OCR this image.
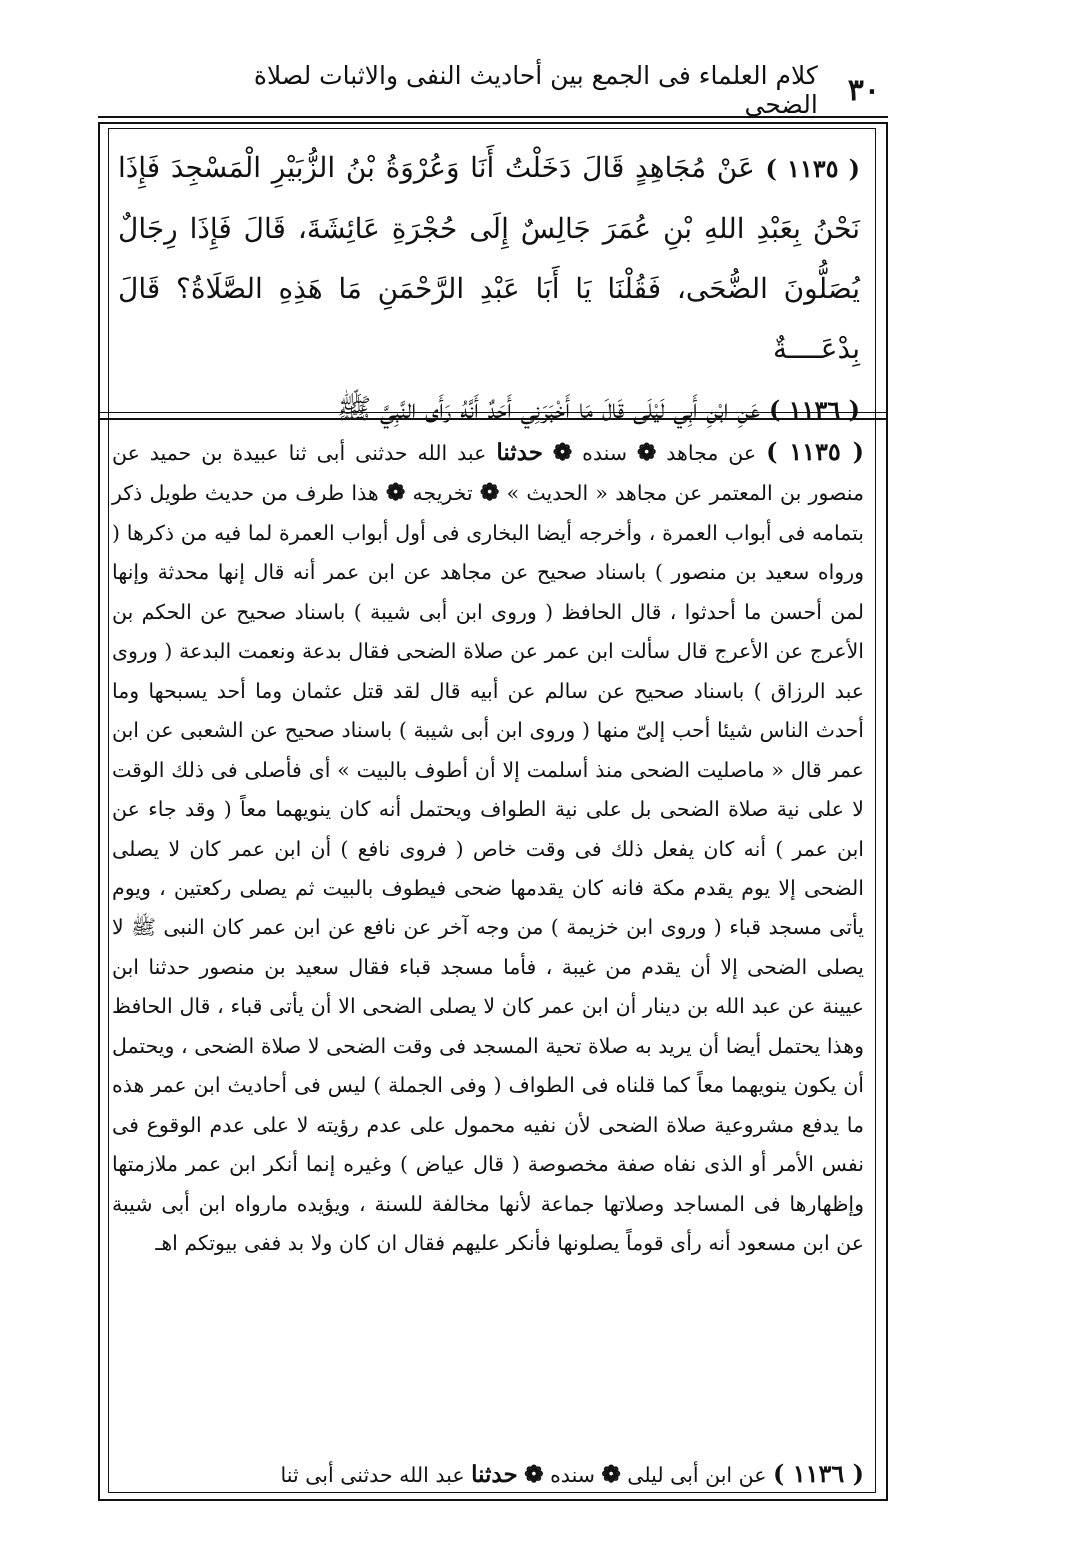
٣٠
كلام العلماء فى الجمع بين أحاديث النفى والاثبات لصلاة الضحى

( ١١٣٥ ) عَنْ مُجَاهِدٍ قَالَ دَخَلْتُ أَنَا وَعُرْوَةُ بْنُ الزُّبَيْرِ الْمَسْجِدَ فَإِذَا نَحْنُ بِعَبْدِ اللهِ بْنِ عُمَرَ جَالِسٌ إِلَى حُجْرَةِ عَائِشَةَ، قَالَ فَإِذَا رِجَالٌ يُصَلُّونَ الضُّحَى، فَقُلْنَا يَا أَبَا عَبْدِ الرَّحْمَنِ مَا هَذِهِ الصَّلَاةُ؟ قَالَ بِدْعَــــةٌ

( ١١٣٦ ) عَنِ ابْنِ أَبِي لَيْلَى قَالَ مَا أَخْبَرَنِي أَحَدٌ أَنَّهُ رَأَى النَّبِيَّ ﷺ

( ١١٣٥ ) عن مجاهد ❁ سنده ❁ حدثنا عبد الله حدثنى أبى ثنا عبيدة بن حميد عن منصور بن المعتمر عن مجاهد « الحديث » ❁ تخريجه ❁ هذا طرف من حديث طويل ذكر بتمامه فى أبواب العمرة ، وأخرجه أيضا البخارى فى أول أبواب العمرة لما فيه من ذكرها ( ورواه سعيد بن منصور ) باسناد صحيح عن مجاهد عن ابن عمر أنه قال إنها محدثة وإنها لمن أحسن ما أحدثوا ، قال الحافظ ( وروى ابن أبى شيبة ) باسناد صحيح عن الحكم بن الأعرج عن الأعرج قال سألت ابن عمر عن صلاة الضحى فقال بدعة ونعمت البدعة ( وروى عبد الرزاق ) باسناد صحيح عن سالم عن أبيه قال لقد قتل عثمان وما أحد يسبحها وما أحدث الناس شيئا أحب إلىّ منها ( وروى ابن أبى شيبة ) باسناد صحيح عن الشعبى عن ابن عمر قال « ماصليت الضحى منذ أسلمت إلا أن أطوف بالبيت » أى فأصلى فى ذلك الوقت لا على نية صلاة الضحى بل على نية الطواف ويحتمل أنه كان ينويهما معاً ( وقد جاء عن ابن عمر ) أنه كان يفعل ذلك فى وقت خاص ( فروى نافع ) أن ابن عمر كان لا يصلى الضحى إلا يوم يقدم مكة فانه كان يقدمها ضحى فيطوف بالبيت ثم يصلى ركعتين ، ويوم يأتى مسجد قباء ( وروى ابن خزيمة ) من وجه آخر عن نافع عن ابن عمر كان النبى ﷺ لا يصلى الضحى إلا أن يقدم من غيبة ، فأما مسجد قباء فقال سعيد بن منصور حدثنا ابن عيينة عن عبد الله بن دينار أن ابن عمر كان لا يصلى الضحى الا أن يأتى قباء ، قال الحافظ وهذا يحتمل أيضا أن يريد به صلاة تحية المسجد فى وقت الضحى لا صلاة الضحى ، ويحتمل أن يكون ينويهما معاً كما قلناه فى الطواف ( وفى الجملة ) ليس فى أحاديث ابن عمر هذه ما يدفع مشروعية صلاة الضحى لأن نفيه محمول على عدم رؤيته لا على عدم الوقوع فى نفس الأمر أو الذى نفاه صفة مخصوصة ( قال عياض ) وغيره إنما أنكر ابن عمر ملازمتها وإظهارها فى المساجد وصلاتها جماعة لأنها مخالفة للسنة ، ويؤيده مارواه ابن أبى شيبة عن ابن مسعود أنه رأى قوماً يصلونها فأنكر عليهم فقال ان كان ولا بد ففى بيوتكم اهـ

( ١١٣٦ ) عن ابن أبى ليلى ❁ سنده ❁ حدثنا عبد الله حدثنى أبى ثنا
